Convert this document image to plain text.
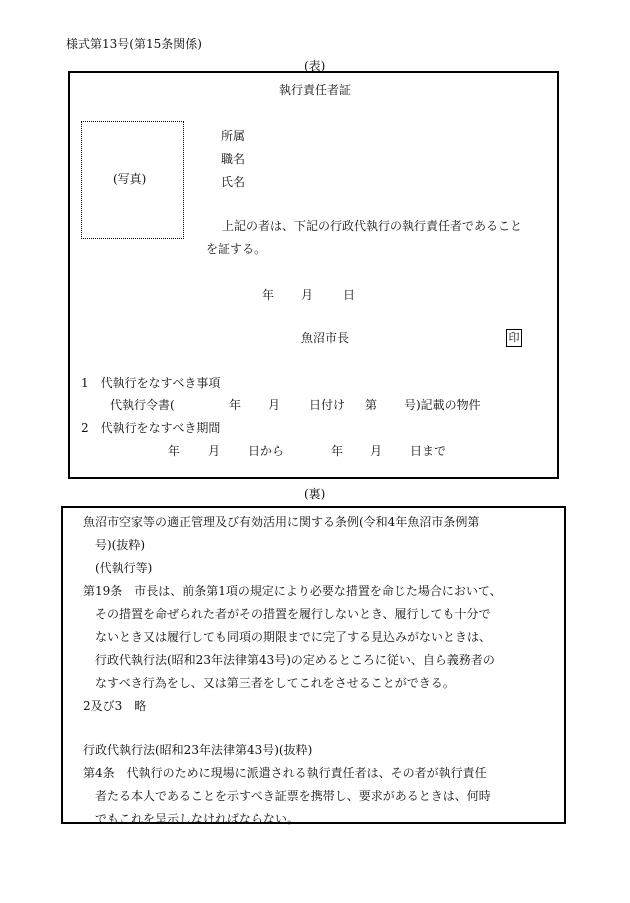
様式第13号(第15条関係)
(表)
執行責任者証
(写真)
所属
職名
氏名
上記の者は、下記の行政代執行の執行責任者であること
を証する。
年 月 日
魚沼市長	印
1　代執行をなすべき事項
代執行令書(	年 月 日付け 第 号)記載の物件
2　代執行をなすべき期間
年 月 日から	年 月 日まで
(裏)
魚沼市空家等の適正管理及び有効活用に関する条例(令和4年魚沼市条例第
号)(抜粋)
(代執行等)
第19条　市長は、前条第1項の規定により必要な措置を命じた場合において、
その措置を命ぜられた者がその措置を履行しないとき、履行しても十分で
ないとき又は履行しても同項の期限までに完了する見込みがないときは、
行政代執行法(昭和23年法律第43号)の定めるところに従い、自ら義務者の
なすべき行為をし、又は第三者をしてこれをさせることができる。
2及び3　略
行政代執行法(昭和23年法律第43号)(抜粋)
第4条　代執行のために現場に派遣される執行責任者は、その者が執行責任
者たる本人であることを示すべき証票を携帯し、要求があるときは、何時
でもこれを呈示しなければならない。
